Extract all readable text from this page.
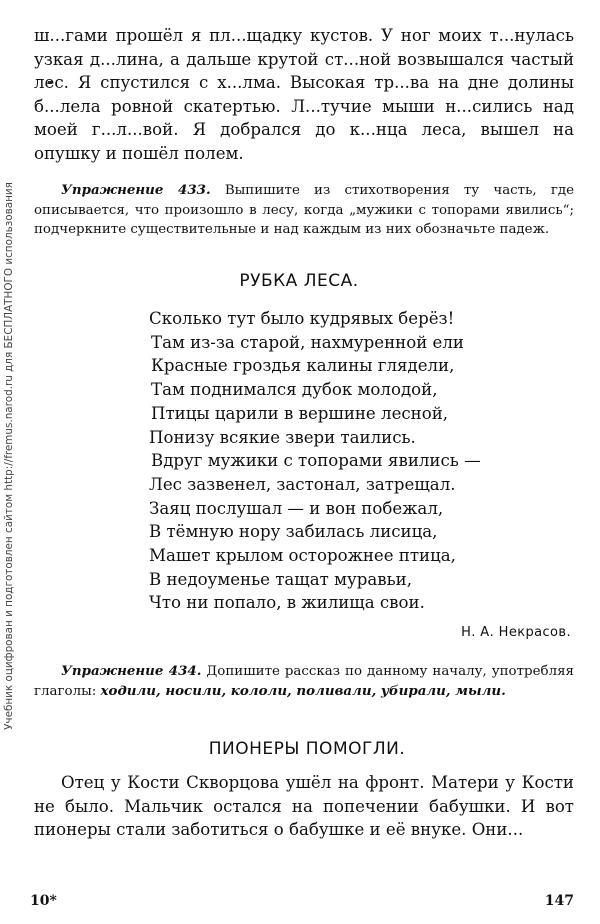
Учебник оцифрован и подготовлен сайтом http://fremus.narod.ru для БЕСПЛАТНОГО использования

ш...гами прошёл я пл...щадку кустов. У ног моих т...нулась узкая д...лина, а дальше крутой ст...ной возвышался частый лес. Я спустился с х...лма. Высокая тр...ва на дне долины б...лела ровной скатертью. Л...тучие мыши н...сились над моей г...л...вой. Я добрался до к...нца леса, вышел на опушку и пошёл полем.

Упражнение 433. Выпишите из стихотворения ту часть, где описывается, что произошло в лесу, когда „мужики с топорами явились“; подчеркните существительные и над каждым из них обозначьте падеж.

РУБКА ЛЕСА.
Сколько тут было кудрявых берёз!
Там из-за старой, нахмуренной ели
Красные гроздья калины глядели,
Там поднимался дубок молодой,
Птицы царили в вершине лесной,
Понизу всякие звери таились.
Вдруг мужики с топорами явились —
Лес зазвенел, застонал, затрещал.
Заяц послушал — и вон побежал,
В тёмную нору забилась лисица,
Машет крылом осторожнее птица,
В недоуменье тащат муравьи,
Что ни попало, в жилища свои.
Н. А. Некрасов.

Упражнение 434. Допишите рассказ по данному началу, употребляя глаголы: ходили, носили, кололи, поливали, убирали, мыли.

ПИОНЕРЫ ПОМОГЛИ.

Отец у Кости Скворцова ушёл на фронт. Матери у Кости не было. Мальчик остался на попечении бабушки. И вот пионеры стали заботиться о бабушке и её внуке. Они...

10*	147
